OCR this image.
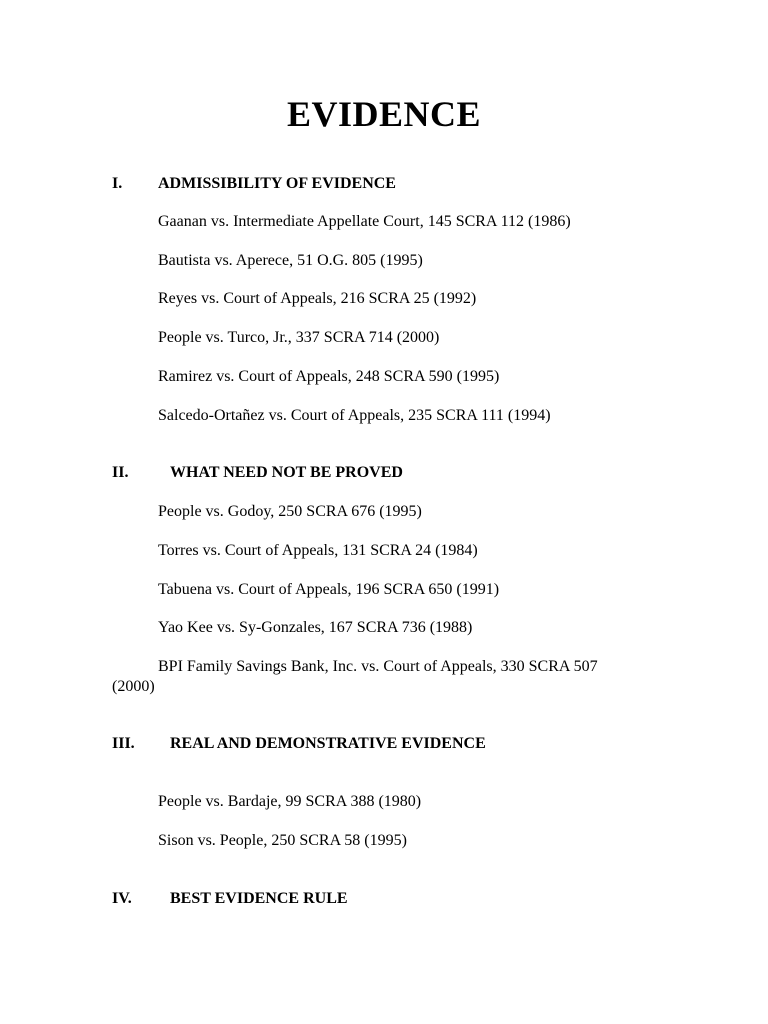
EVIDENCE
I. ADMISSIBILITY OF EVIDENCE
Gaanan vs. Intermediate Appellate Court, 145 SCRA 112 (1986)
Bautista vs. Aperece, 51 O.G. 805 (1995)
Reyes vs. Court of Appeals, 216 SCRA 25 (1992)
People vs. Turco, Jr., 337 SCRA 714 (2000)
Ramirez vs. Court of Appeals, 248 SCRA 590 (1995)
Salcedo-Ortañez vs. Court of Appeals, 235 SCRA 111 (1994)
II.	WHAT NEED NOT BE PROVED
People vs. Godoy, 250 SCRA 676 (1995)
Torres vs. Court of Appeals, 131 SCRA 24 (1984)
Tabuena vs. Court of Appeals, 196 SCRA 650 (1991)
Yao Kee vs. Sy-Gonzales, 167 SCRA 736 (1988)
BPI Family Savings Bank, Inc. vs. Court of Appeals, 330 SCRA 507 (2000)
III. REAL AND DEMONSTRATIVE EVIDENCE
People vs. Bardaje, 99 SCRA 388 (1980)
Sison vs. People, 250 SCRA 58 (1995)
IV. BEST EVIDENCE RULE
